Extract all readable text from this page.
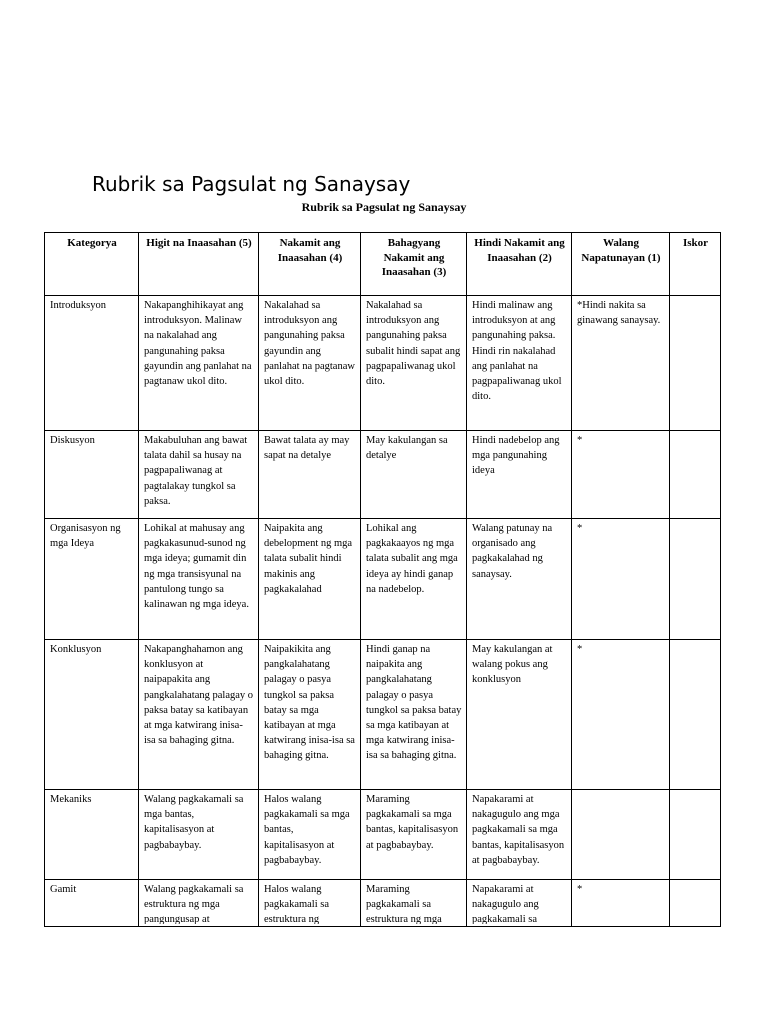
Rubrik sa Pagsulat ng Sanaysay
Rubrik sa Pagsulat ng Sanaysay
Kategorya	Higit na Inaasahan (5)	Nakamit ang Inaasahan (4)	Bahagyang Nakamit ang Inaasahan (3)	Hindi Nakamit ang Inaasahan (2)	Walang Napatunayan (1)	Iskor
Introduksyon	Nakapanghihikayat ang introduksyon. Malinaw na nakalahad ang pangunahing paksa gayundin ang panlahat na pagtanaw ukol dito.	Nakalahad sa introduksyon ang pangunahing paksa gayundin ang panlahat na pagtanaw ukol dito.	Nakalahad sa introduksyon ang pangunahing paksa subalit hindi sapat ang pagpapaliwanag ukol dito.	Hindi malinaw ang introduksyon at ang pangunahing paksa. Hindi rin nakalahad ang panlahat na pagpapaliwanag ukol dito.	*Hindi nakita sa ginawang sanaysay.	
Diskusyon	Makabuluhan ang bawat talata dahil sa husay na pagpapaliwanag at pagtalakay tungkol sa paksa.	Bawat talata ay may sapat na detalye	May kakulangan sa detalye	Hindi nadebelop ang mga pangunahing ideya	*	
Organisasyon ng mga Ideya	Lohikal at mahusay ang pagkakasunud-sunod ng mga ideya; gumamit din ng mga transisyunal na pantulong tungo sa kalinawan ng mga ideya.	Naipakita ang debelopment ng mga talata subalit hindi makinis ang pagkakalahad	Lohikal ang pagkakaayos ng mga talata subalit ang mga ideya ay hindi ganap na nadebelop.	Walang patunay na organisado ang pagkakalahad ng sanaysay.	*	
Konklusyon	Nakapanghahamon ang konklusyon at naipapakita ang pangkalahatang palagay o paksa batay sa katibayan at mga katwirang inisa-isa sa bahaging gitna.	Naipakikita ang pangkalahatang palagay o pasya tungkol sa paksa batay sa mga katibayan at mga katwirang inisa-isa sa bahaging gitna.	Hindi ganap na naipakita ang pangkalahatang palagay o pasya tungkol sa paksa batay sa mga katibayan at mga katwirang inisa-isa sa bahaging gitna.	May kakulangan at walang pokus ang konklusyon	*	
Mekaniks	Walang pagkakamali sa mga bantas, kapitalisasyon at pagbabaybay.	Halos walang pagkakamali sa mga bantas, kapitalisasyon at pagbabaybay.	Maraming pagkakamali sa mga bantas, kapitalisasyon at pagbabaybay.	Napakarami at nakagugulo ang mga pagkakamali sa mga bantas, kapitalisasyon at pagbabaybay.		

Gamit	Walang pagkakamali sa estruktura ng mga pangungusap at	Halos walang pagkakamali sa estruktura ng	Maraming pagkakamali sa estruktura ng mga	Napakarami at nakagugulo ang pagkakamali sa	*	
